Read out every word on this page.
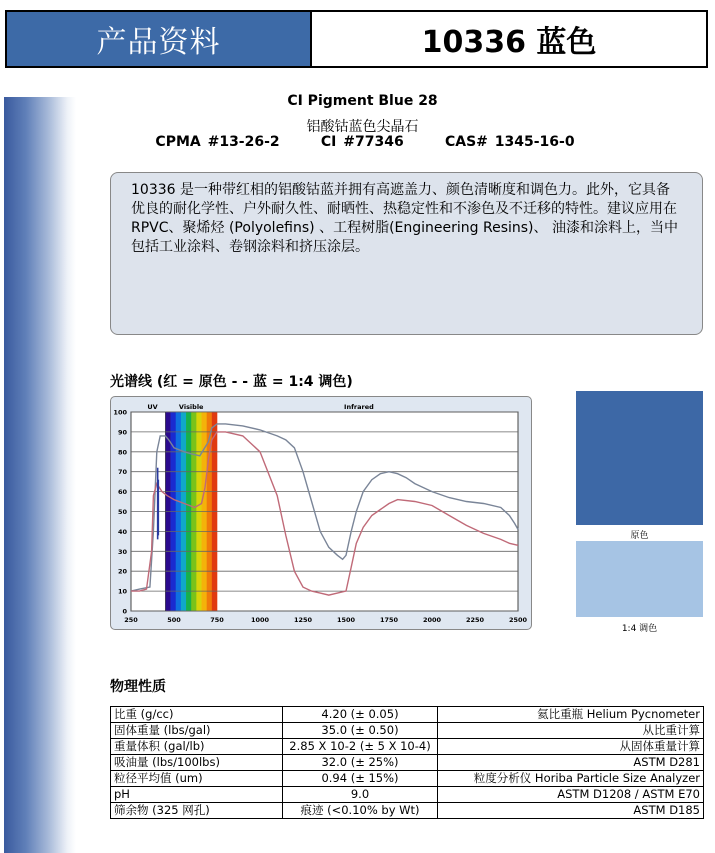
产品资料	10336 蓝色
CI Pigment Blue 28
铝酸钴蓝色尖晶石
CPMA #13-26-2	CI #77346	CAS# 1345-16-0
10336 是一种带红相的铝酸钴蓝并拥有高遮盖力、颜色清晰度和调色力。此外，它具备优良的耐化学性、户外耐久性、耐晒性、热稳定性和不渗色及不迁移的特性。建议应用在　RPVC、聚烯烃 (Polyolefins) 、工程树脂(Engineering Resins)、 油漆和涂料上，当中包括工业涂料、卷钢涂料和挤压涂层。
光谱线 (红 = 原色 - - 蓝 = 1:4 调色)
0
10
20
30
40
50
60
70
80
90
100
250	500	750	1000	1250	1500	1750	2000	2250	2500
UV	Visible	Infrared
原色
1:4 调色
物理性质
比重 (g/cc)	4.20 (± 0.05)	氦比重瓶 Helium Pycnometer
固体重量 (lbs/gal)	35.0 (± 0.50)	从比重计算
重量体积 (gal/lb)	2.85 X 10-2 (± 5 X 10-4)	从固体重量计算
吸油量 (lbs/100lbs)	32.0 (± 25%)	ASTM D281
粒径平均值 (um)	0.94 (± 15%)	粒度分析仪 Horiba Particle Size Analyzer
pH	9.0	ASTM D1208 / ASTM E70
筛余物 (325 网孔)	痕迹 (<0.10% by Wt)	ASTM D185
